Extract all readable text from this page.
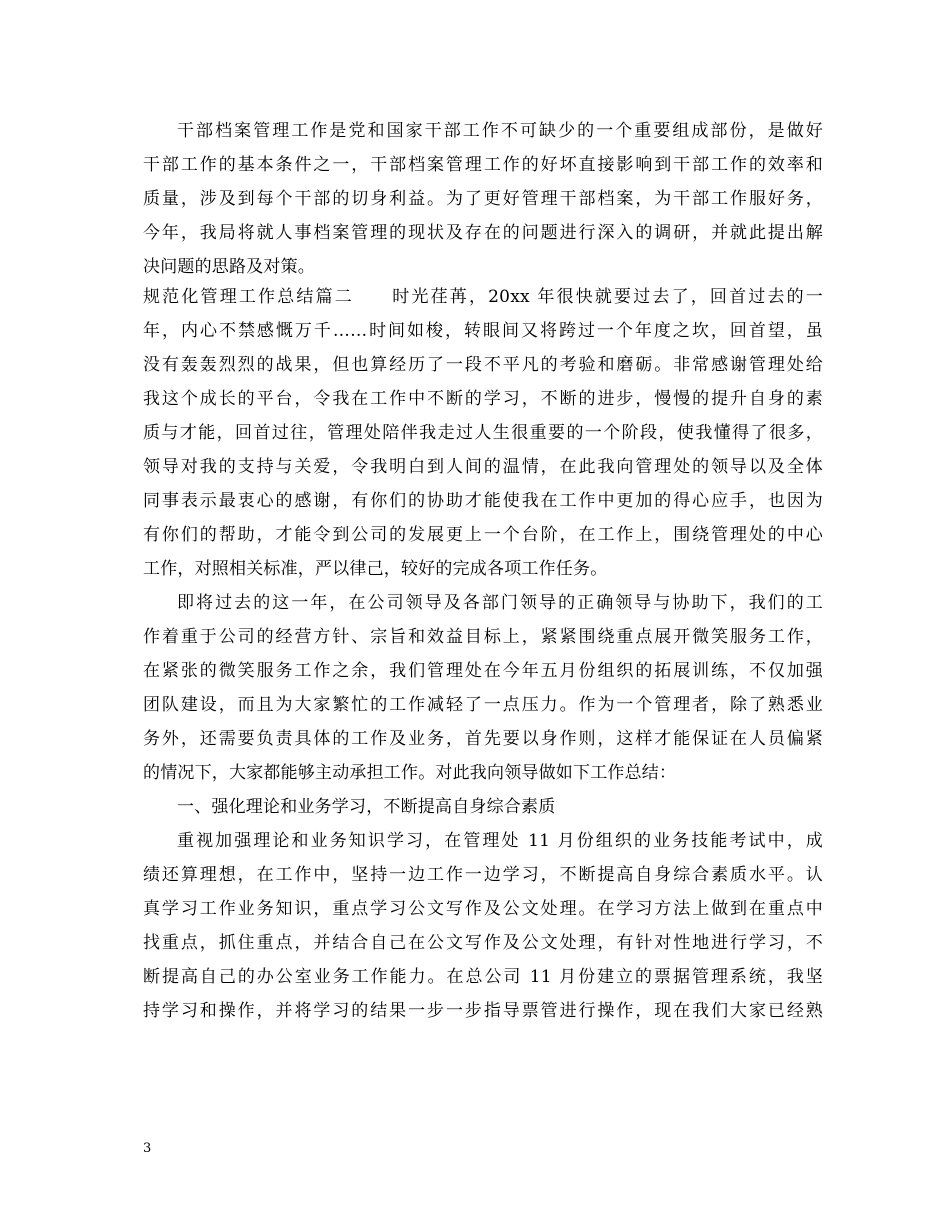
干部档案管理工作是党和国家干部工作不可缺少的一个重要组成部份，是做好
干部工作的基本条件之一，干部档案管理工作的好坏直接影响到干部工作的效率和
质量，涉及到每个干部的切身利益。为了更好管理干部档案，为干部工作服好务，
今年，我局将就人事档案管理的现状及存在的问题进行深入的调研，并就此提出解
决问题的思路及对策。
规范化管理工作总结篇二　　时光荏苒，20xx 年很快就要过去了，回首过去的一
年，内心不禁感慨万千……时间如梭，转眼间又将跨过一个年度之坎，回首望，虽
没有轰轰烈烈的战果，但也算经历了一段不平凡的考验和磨砺。非常感谢管理处给
我这个成长的平台，令我在工作中不断的学习，不断的进步，慢慢的提升自身的素
质与才能，回首过往，管理处陪伴我走过人生很重要的一个阶段，使我懂得了很多，
领导对我的支持与关爱，令我明白到人间的温情，在此我向管理处的领导以及全体
同事表示最衷心的感谢，有你们的协助才能使我在工作中更加的得心应手，也因为
有你们的帮助，才能令到公司的发展更上一个台阶，在工作上，围绕管理处的中心
工作，对照相关标准，严以律己，较好的完成各项工作任务。
即将过去的这一年，在公司领导及各部门领导的正确领导与协助下，我们的工
作着重于公司的经营方针、宗旨和效益目标上，紧紧围绕重点展开微笑服务工作，
在紧张的微笑服务工作之余，我们管理处在今年五月份组织的拓展训练，不仅加强
团队建设，而且为大家繁忙的工作减轻了一点压力。作为一个管理者，除了熟悉业
务外，还需要负责具体的工作及业务，首先要以身作则，这样才能保证在人员偏紧
的情况下，大家都能够主动承担工作。对此我向领导做如下工作总结：
一、强化理论和业务学习，不断提高自身综合素质
重视加强理论和业务知识学习，在管理处 11 月份组织的业务技能考试中，成
绩还算理想，在工作中，坚持一边工作一边学习，不断提高自身综合素质水平。认
真学习工作业务知识，重点学习公文写作及公文处理。在学习方法上做到在重点中
找重点，抓住重点，并结合自己在公文写作及公文处理，有针对性地进行学习，不
断提高自己的办公室业务工作能力。在总公司 11 月份建立的票据管理系统，我坚
持学习和操作，并将学习的结果一步一步指导票管进行操作，现在我们大家已经熟
3
